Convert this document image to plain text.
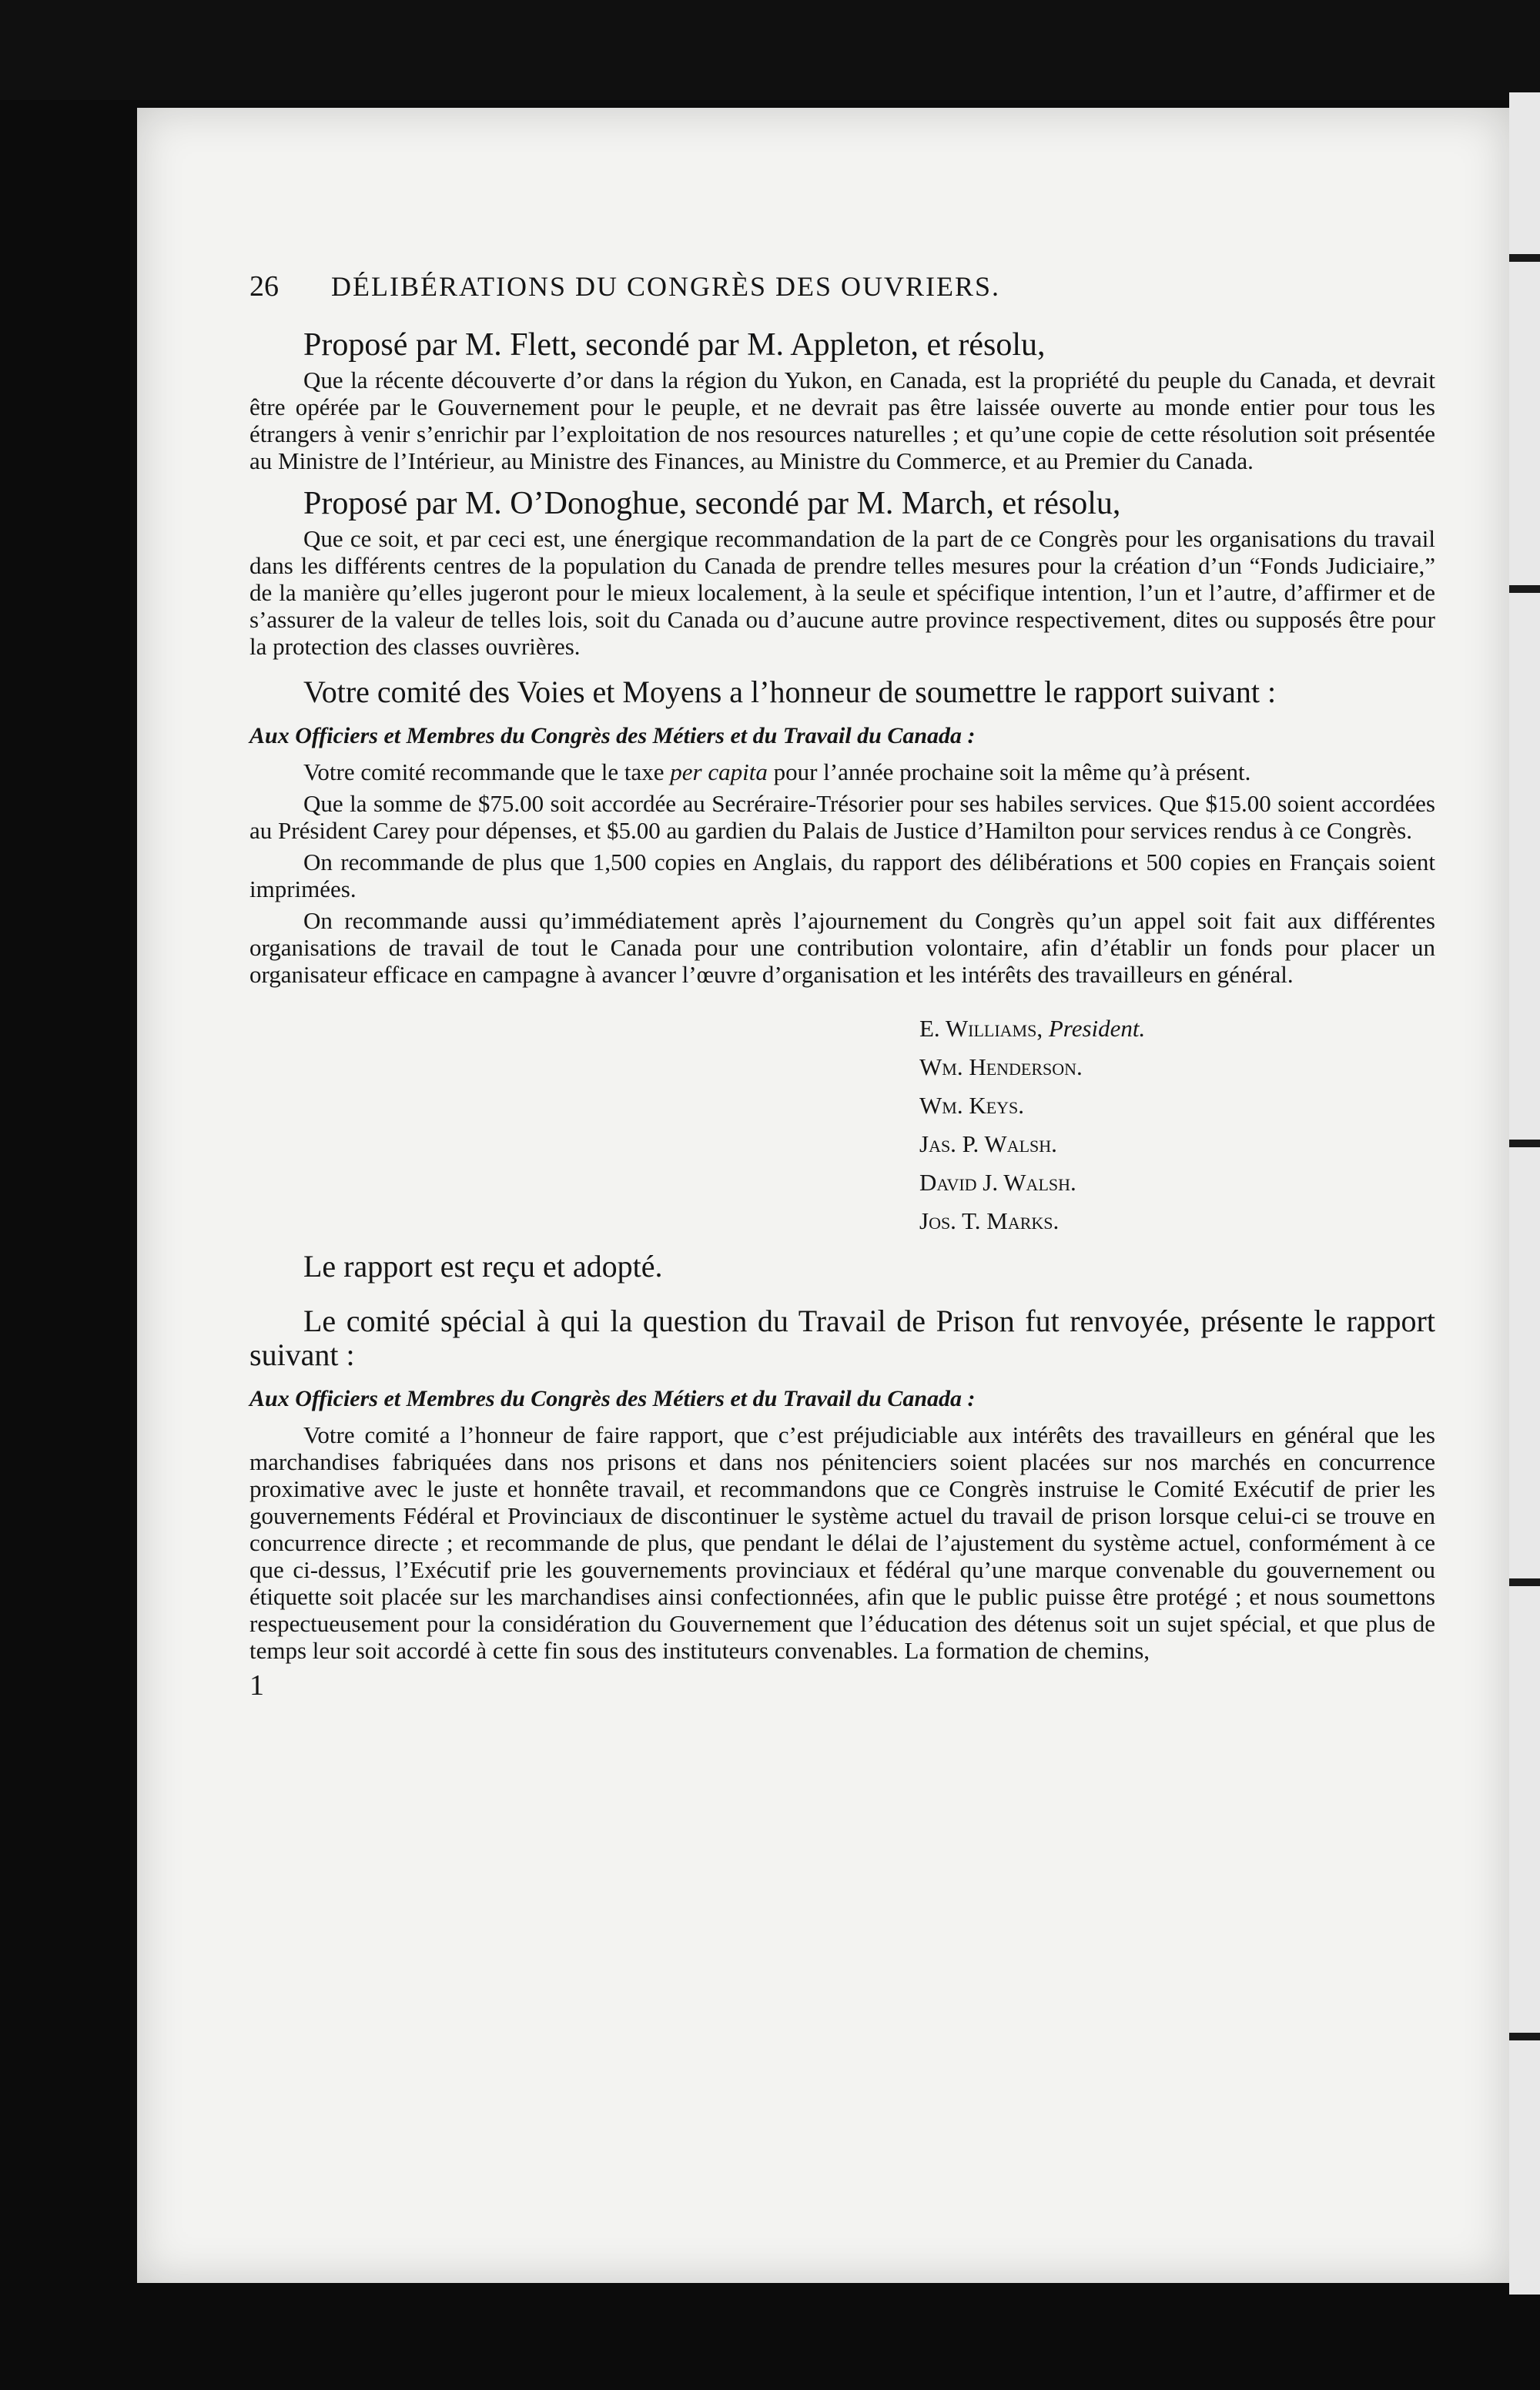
26	DÉLIBÉRATIONS DU CONGRÈS DES OUVRIERS.
Proposé par M. Flett, secondé par M. Appleton, et résolu,

Que la récente découverte d’or dans la région du Yukon, en Canada, est la propriété du peuple du Canada, et devrait être opérée par le Gouvernement pour le peuple, et ne devrait pas être laissée ouverte au monde entier pour tous les étrangers à venir s’enrichir par l’exploitation de nos resources naturelles ; et qu’une copie de cette résolution soit présentée au Ministre de l’Intérieur, au Ministre des Finances, au Ministre du Commerce, et au Premier du Canada.

Proposé par M. O’Donoghue, secondé par M. March, et résolu,

Que ce soit, et par ceci est, une énergique recommandation de la part de ce Congrès pour les organisations du travail dans les différents centres de la population du Canada de prendre telles mesures pour la création d’un “Fonds Judiciaire,” de la manière qu’elles jugeront pour le mieux localement, à la seule et spécifique intention, l’un et l’autre, d’affirmer et de s’assurer de la valeur de telles lois, soit du Canada ou d’aucune autre province respectivement, dites ou supposés être pour la protection des classes ouvrières.

Votre comité des Voies et Moyens a l’honneur de soumettre le rapport suivant :

Aux Officiers et Membres du Congrès des Métiers et du Travail du Canada :

Votre comité recommande que le taxe per capita pour l’année prochaine soit la même qu’à présent.

Que la somme de $75.00 soit accordée au Secréraire-Trésorier pour ses habiles services. Que $15.00 soient accordées au Président Carey pour dépenses, et $5.00 au gardien du Palais de Justice d’Hamilton pour services rendus à ce Congrès.

On recommande de plus que 1,500 copies en Anglais, du rapport des délibérations et 500 copies en Français soient imprimées.

On recommande aussi qu’immédiatement après l’ajournement du Congrès qu’un appel soit fait aux différentes organisations de travail de tout le Canada pour une contribution volontaire, afin d’établir un fonds pour placer un organisateur efficace en campagne à avancer l’œuvre d’organisation et les intérêts des travailleurs en général.

E. Williams, President.
Wm. Henderson.
Wm. Keys.
Jas. P. Walsh.
David J. Walsh.
Jos. T. Marks.
Le rapport est reçu et adopté.

Le comité spécial à qui la question du Travail de Prison fut renvoyée, présente le rapport suivant :

Aux Officiers et Membres du Congrès des Métiers et du Travail du Canada :

Votre comité a l’honneur de faire rapport, que c’est préjudiciable aux intérêts des travailleurs en général que les marchandises fabriquées dans nos prisons et dans nos pénitenciers soient placées sur nos marchés en concurrence proximative avec le juste et honnête travail, et recommandons que ce Congrès instruise le Comité Exécutif de prier les gouvernements Fédéral et Provinciaux de discontinuer le système actuel du travail de prison lorsque celui-ci se trouve en concurrence directe ; et recommande de plus, que pendant le délai de l’ajustement du système actuel, conformément à ce que ci-dessus, l’Exécutif prie les gouvernements provinciaux et fédéral qu’une marque convenable du gouvernement ou étiquette soit placée sur les marchandises ainsi confectionnées, afin que le public puisse être protégé ; et nous soumettons respectueusement pour la considération du Gouvernement que l’éducation des détenus soit un sujet spécial, et que plus de temps leur soit accordé à cette fin sous des instituteurs convenables. La formation de chemins,

1
